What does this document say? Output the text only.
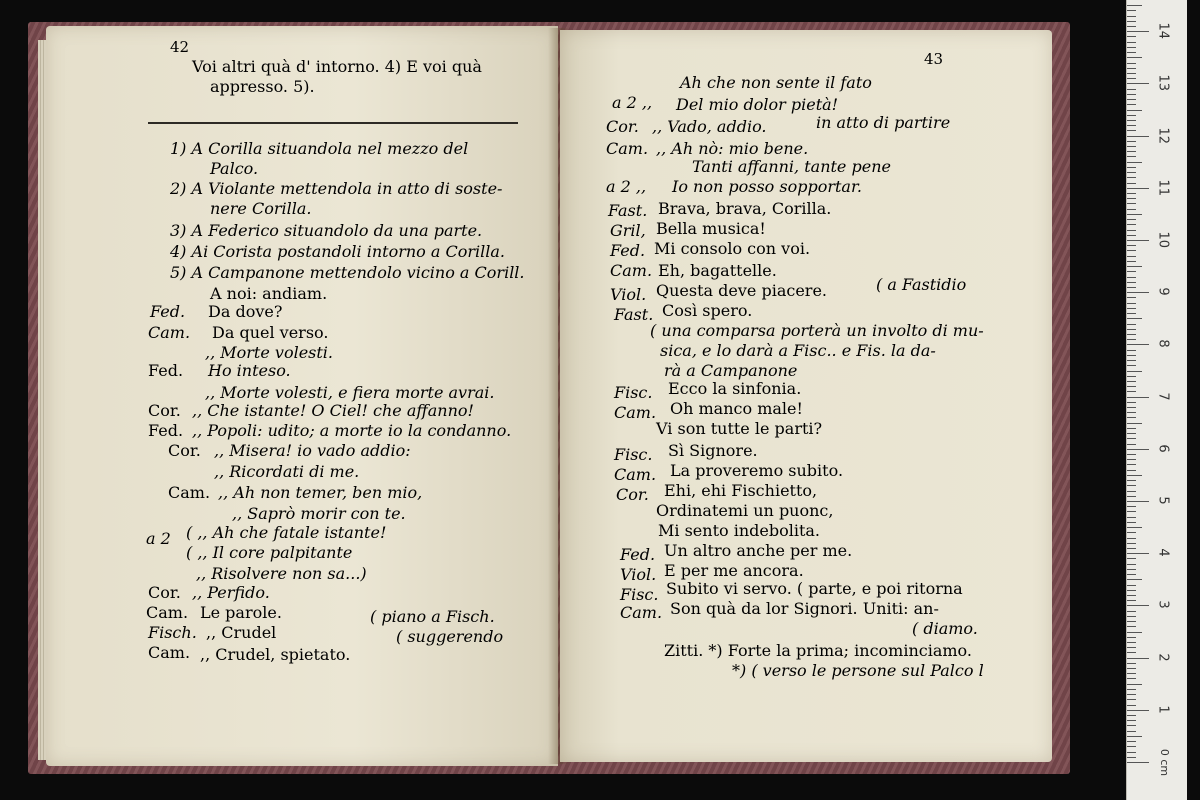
42
Voi altri quà d' intorno. 4) E voi quà
appresso. 5).
1) A Corilla situandola nel mezzo del
Palco.
2) A Violante mettendola in atto di soste-
nere Corilla.
3) A Federico situandolo da una parte.
4) Ai Corista postandoli intorno a Corilla.
5) A Campanone mettendolo vicino a Corill.
A noi: andiam.
Fed. Da dove?
Cam. Da quel verso.
,, Morte volesti.
Fed. Ho inteso.
,, Morte volesti, e fiera morte avrai.
Cor. ,, Che istante! O Ciel! che affanno!
Fed. ,, Popoli: udito; a morte io la condanno.
Cor. ,, Misera! io vado addio:
,, Ricordati di me.
Cam. ,, Ah non temer, ben mio,
,, Saprò morir con te.
a 2 ( ,, Ah che fatale istante!
( ,, Il core palpitante
,, Risolvere non sa...)
Cor. ,, Perfido.
Cam. Le parole.	( piano a Fisch.
Fisch. ,, Crudel	( suggerendo
Cam. ,, Crudel, spietato.
43
Ah che non sente il fato
a 2 ,, Del mio dolor pietà!
Cor. ,, Vado, addio.	in atto di partire
Cam. ,, Ah nò: mio bene.
Tanti affanni, tante pene
a 2 ,, Io non posso sopportar.
Fast. Brava, brava, Corilla.
Gril, Bella musica!
Fed. Mi consolo con voi.
Cam. Eh, bagattelle.
Viol. Questa deve piacere.	( a Fastidio
Fast. Così spero.
( una comparsa porterà un involto di mu-
sica, e lo darà a Fisc.. e Fis. la da-
rà a Campanone
Fisc. Ecco la sinfonia.
Cam. Oh manco male!
Vi son tutte le parti?
Fisc. Sì Signore.
Cam. La proveremo subito.
Cor. Ehi, ehi Fischietto,
Ordinatemi un puonc,
Mi sento indebolita.
Fed. Un altro anche per me.
Viol. E per me ancora.
Fisc. Subito vi servo. ( parte, e poi ritorna
Cam. Son quà da lor Signori. Uniti: an-
( diamo.
Zitti. *) Forte la prima; incominciamo.
*) ( verso le persone sul Palco l
0 cm
1
2
3
4
5
6
7
8
9
10
11
12
13
14
